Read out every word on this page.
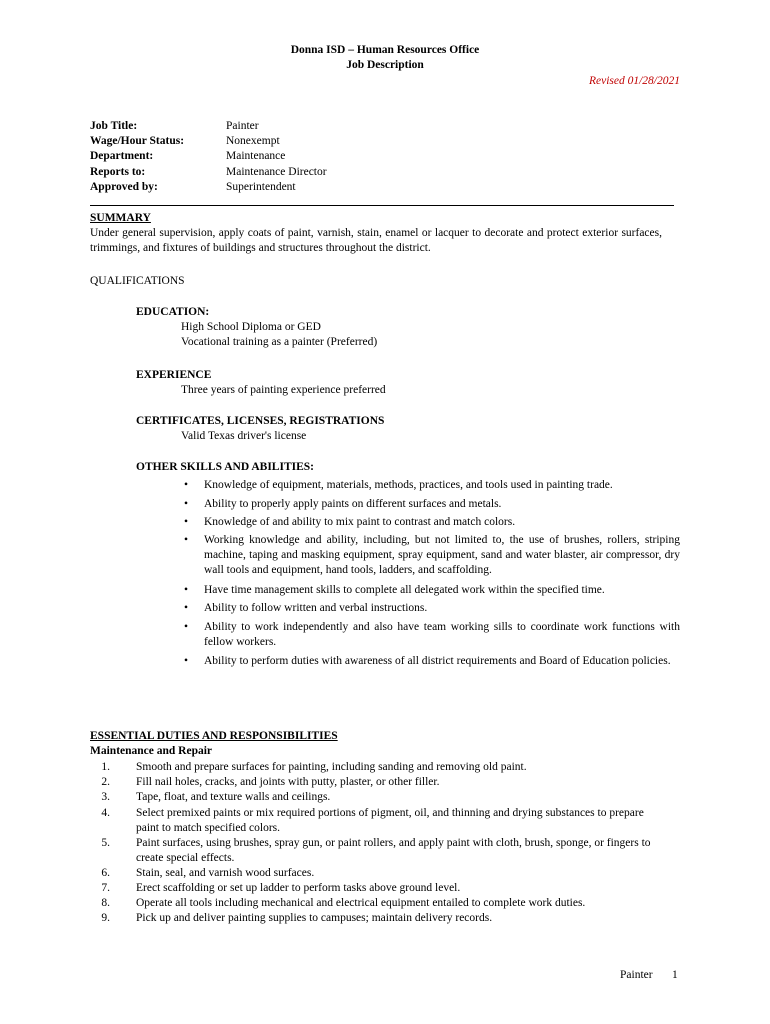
Donna ISD – Human Resources Office
Job Description
Revised 01/28/2021
Job Title:	Painter
Wage/Hour Status:	Nonexempt
Department:	Maintenance
Reports to:	Maintenance Director
Approved by:	Superintendent
SUMMARY
Under general supervision, apply coats of paint, varnish, stain, enamel or lacquer to decorate and protect exterior surfaces, trimmings, and fixtures of buildings and structures throughout the district.
QUALIFICATIONS
EDUCATION:
High School Diploma or GED
Vocational training as a painter (Preferred)
EXPERIENCE
Three years of painting experience preferred
CERTIFICATES, LICENSES, REGISTRATIONS
Valid Texas driver's license
OTHER SKILLS AND ABILITIES:
• Knowledge of equipment, materials, methods, practices, and tools used in painting trade.
• Ability to properly apply paints on different surfaces and metals.
• Knowledge of and ability to mix paint to contrast and match colors.
• Working knowledge and ability, including, but not limited to, the use of brushes, rollers, striping machine, taping and masking equipment, spray equipment, sand and water blaster, air compressor, dry wall tools and equipment, hand tools, ladders, and scaffolding.
• Have time management skills to complete all delegated work within the specified time.
• Ability to follow written and verbal instructions.
• Ability to work independently and also have team working sills to coordinate work functions with fellow workers.
• Ability to perform duties with awareness of all district requirements and Board of Education policies.
ESSENTIAL DUTIES AND RESPONSIBILITIES
Maintenance and Repair
1. Smooth and prepare surfaces for painting, including sanding and removing old paint.
2. Fill nail holes, cracks, and joints with putty, plaster, or other filler.
3. Tape, float, and texture walls and ceilings.
4. Select premixed paints or mix required portions of pigment, oil, and thinning and drying substances to prepare paint to match specified colors.
5. Paint surfaces, using brushes, spray gun, or paint rollers, and apply paint with cloth, brush, sponge, or fingers to create special effects.
6. Stain, seal, and varnish wood surfaces.
7. Erect scaffolding or set up ladder to perform tasks above ground level.
8. Operate all tools including mechanical and electrical equipment entailed to complete work duties.
9. Pick up and deliver painting supplies to campuses; maintain delivery records.
Painter 1
